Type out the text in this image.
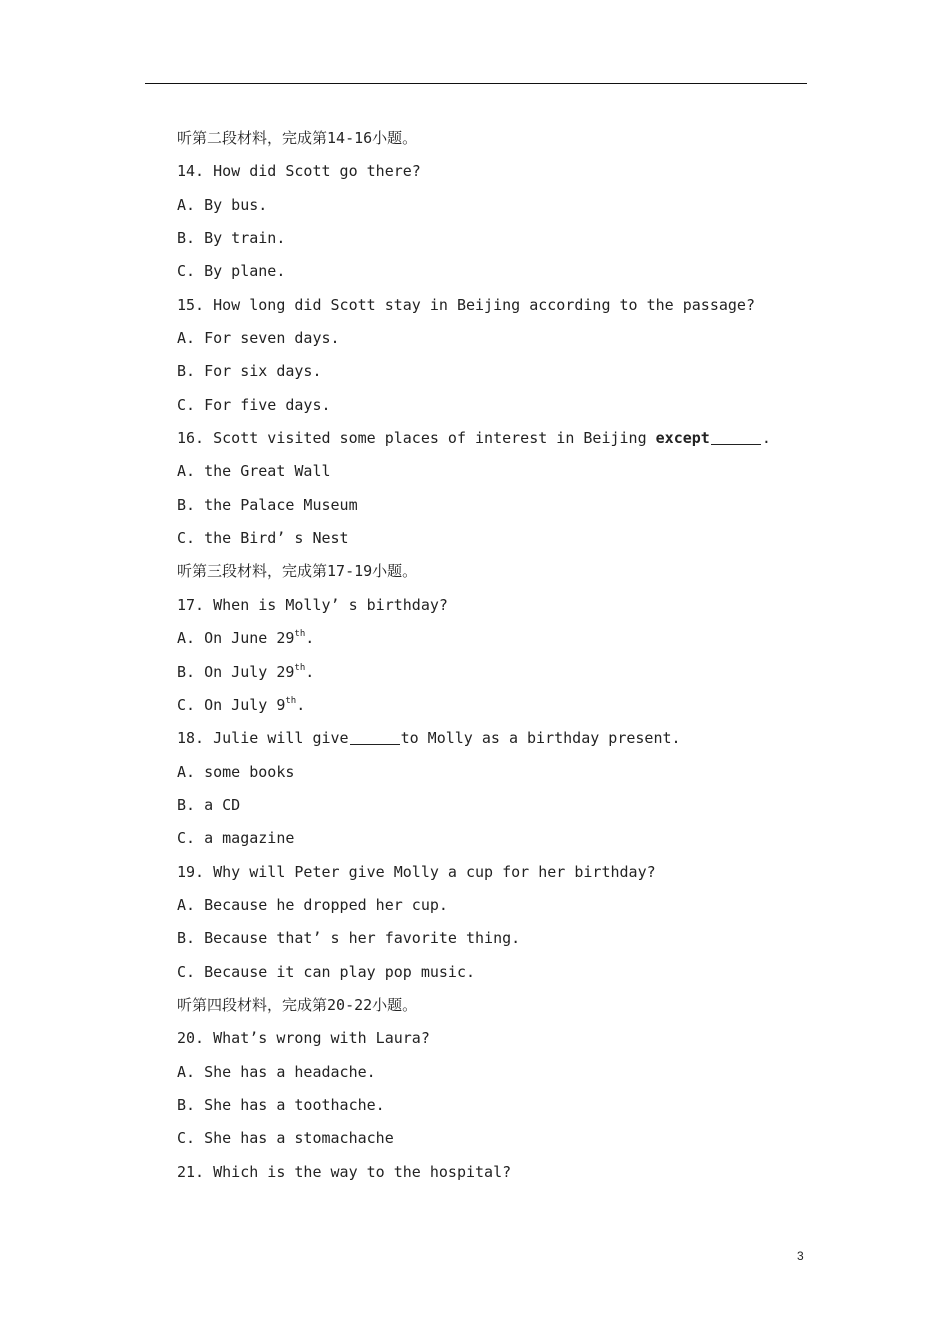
听第二段材料，完成第14-16小题。
14. How did Scott go there?
A. By bus.
B. By train.
C. By plane.
15. How long did Scott stay in Beijing according to the passage?
A. For seven days.
B. For six days.
C. For five days.
16. Scott visited some places of interest in Beijing except	.
A. the Great Wall
B. the Palace Museum
C. the Bird’ s Nest
听第三段材料，完成第17-19小题。
17. When is Molly’ s birthday?
A. On June 29th.
B. On July 29th.
C. On July 9th.
18. Julie will give	to Molly as a birthday present.
A. some books
B. a CD
C. a magazine
19. Why will Peter give Molly a cup for her birthday?
A. Because he dropped her cup.
B. Because that’ s her favorite thing.
C. Because it can play pop music.
听第四段材料，完成第20-22小题。
20. What’s wrong with Laura?
A. She has a headache.
B. She has a toothache.
C. She has a stomachache
21. Which is the way to the hospital?
3
